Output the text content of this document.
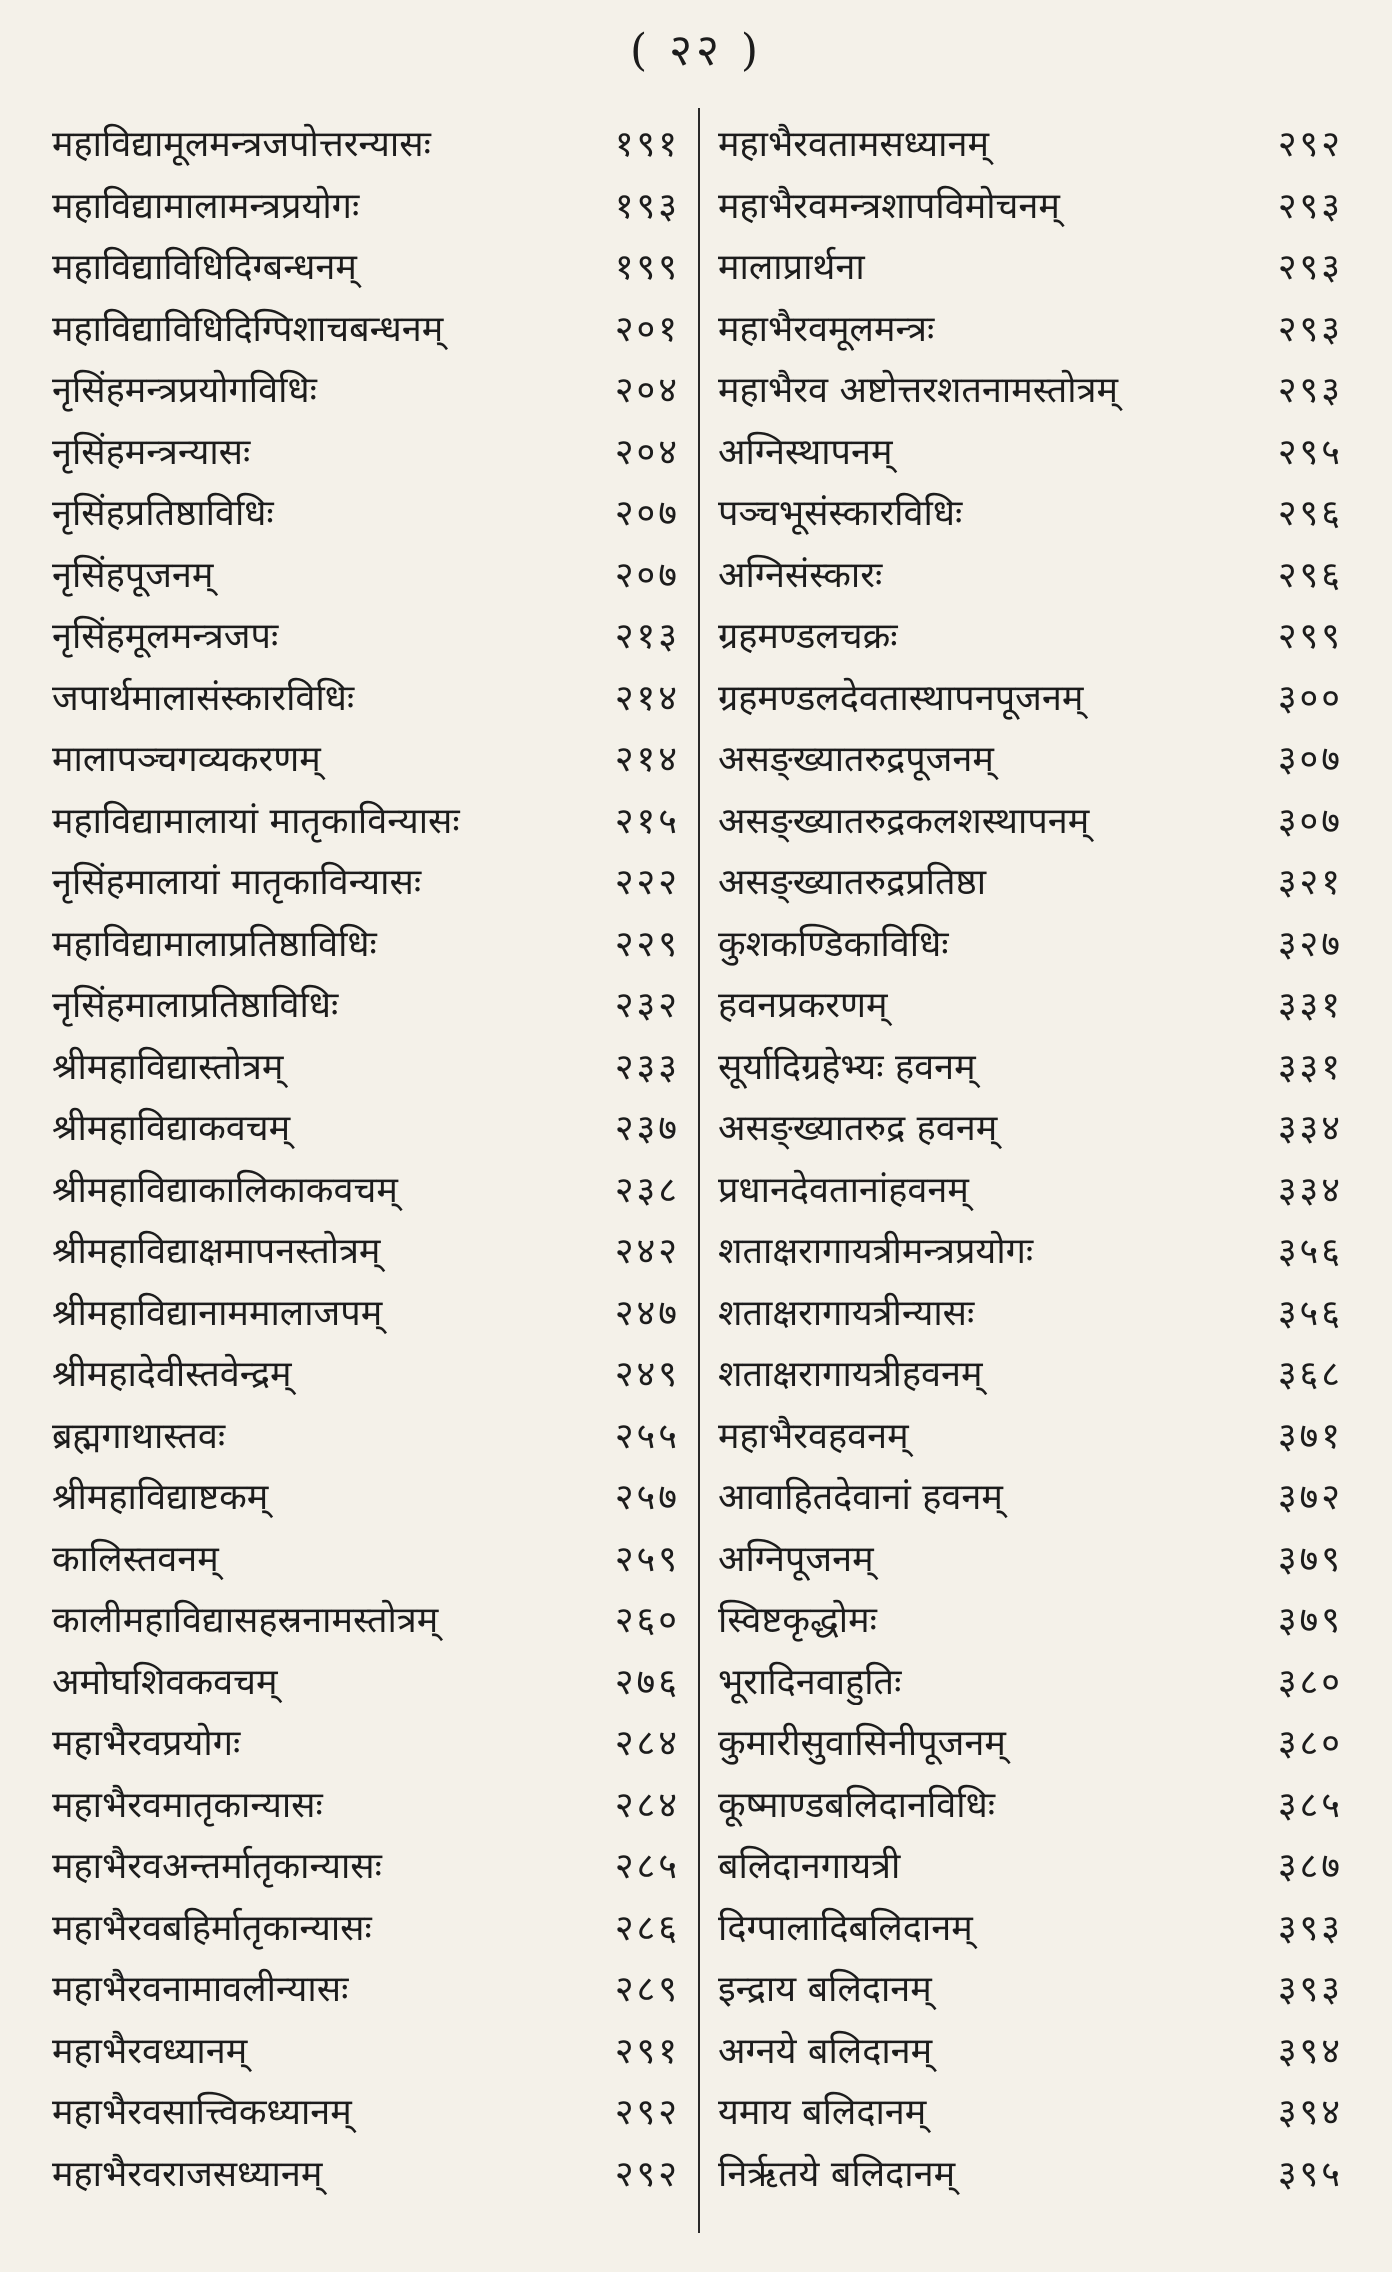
( २२ )
महाविद्यामूलमन्त्रजपोत्तरन्यासः	१९१
महाविद्यामालामन्त्रप्रयोगः	१९३
महाविद्याविधिदिग्बन्धनम्	१९९
महाविद्याविधिदिग्पिशाचबन्धनम्	२०१
नृसिंहमन्त्रप्रयोगविधिः	२०४
नृसिंहमन्त्रन्यासः	२०४
नृसिंहप्रतिष्ठाविधिः	२०७
नृसिंहपूजनम्	२०७
नृसिंहमूलमन्त्रजपः	२१३
जपार्थमालासंस्कारविधिः	२१४
मालापञ्चगव्यकरणम्	२१४
महाविद्यामालायां मातृकाविन्यासः	२१५
नृसिंहमालायां मातृकाविन्यासः	२२२
महाविद्यामालाप्रतिष्ठाविधिः	२२९
नृसिंहमालाप्रतिष्ठाविधिः	२३२
श्रीमहाविद्यास्तोत्रम्	२३३
श्रीमहाविद्याकवचम्	२३७
श्रीमहाविद्याकालिकाकवचम्	२३८
श्रीमहाविद्याक्षमापनस्तोत्रम्	२४२
श्रीमहाविद्यानाममालाजपम्	२४७
श्रीमहादेवीस्तवेन्द्रम्	२४९
ब्रह्मगाथास्तवः	२५५
श्रीमहाविद्याष्टकम्	२५७
कालिस्तवनम्	२५९
कालीमहाविद्यासहस्रनामस्तोत्रम्	२६०
अमोघशिवकवचम्	२७६
महाभैरवप्रयोगः	२८४
महाभैरवमातृकान्यासः	२८४
महाभैरवअन्तर्मातृकान्यासः	२८५
महाभैरवबहिर्मातृकान्यासः	२८६
महाभैरवनामावलीन्यासः	२८९
महाभैरवध्यानम्	२९१
महाभैरवसात्त्विकध्यानम्	२९२
महाभैरवराजसध्यानम्	२९२
महाभैरवतामसध्यानम्	२९२
महाभैरवमन्त्रशापविमोचनम्	२९३
मालाप्रार्थना	२९३
महाभैरवमूलमन्त्रः	२९३
महाभैरव अष्टोत्तरशतनामस्तोत्रम्	२९३
अग्निस्थापनम्	२९५
पञ्चभूसंस्कारविधिः	२९६
अग्निसंस्कारः	२९६
ग्रहमण्डलचक्रः	२९९
ग्रहमण्डलदेवतास्थापनपूजनम्	३००
असङ्ख्यातरुद्रपूजनम्	३०७
असङ्ख्यातरुद्रकलशस्थापनम्	३०७
असङ्ख्यातरुद्रप्रतिष्ठा	३२१
कुशकण्डिकाविधिः	३२७
हवनप्रकरणम्	३३१
सूर्यादिग्रहेभ्यः हवनम्	३३१
असङ्ख्यातरुद्र हवनम्	३३४
प्रधानदेवतानांहवनम्	३३४
शताक्षरागायत्रीमन्त्रप्रयोगः	३५६
शताक्षरागायत्रीन्यासः	३५६
शताक्षरागायत्रीहवनम्	३६८
महाभैरवहवनम्	३७१
आवाहितदेवानां हवनम्	३७२
अग्निपूजनम्	३७९
स्विष्टकृद्धोमः	३७९
भूरादिनवाहुतिः	३८०
कुमारीसुवासिनीपूजनम्	३८०
कूष्माण्डबलिदानविधिः	३८५
बलिदानगायत्री	३८७
दिग्पालादिबलिदानम्	३९३
इन्द्राय बलिदानम्	३९३
अग्नये बलिदानम्	३९४
यमाय बलिदानम्	३९४
निर्ऋतये बलिदानम्	३९५
